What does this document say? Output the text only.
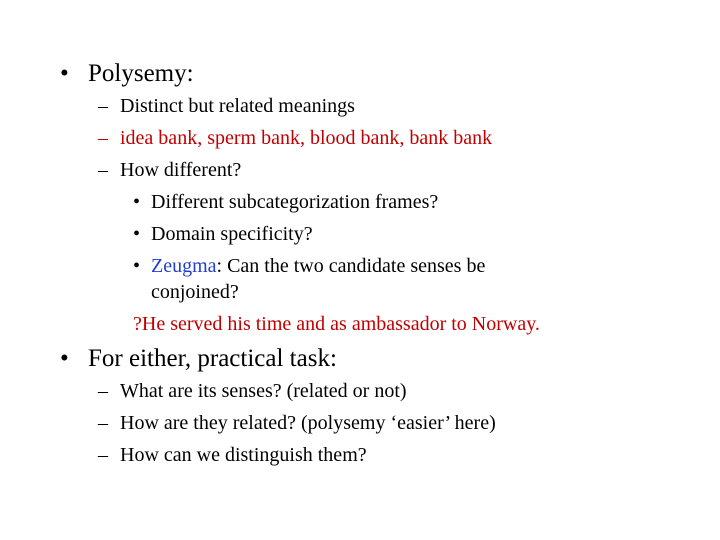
• Polysemy:
– Distinct but related meanings
– idea bank, sperm bank, blood bank, bank bank
– How different?
• Different subcategorization frames?
• Domain specificity?
• Zeugma: Can the two candidate senses be
conjoined?
?He served his time and as ambassador to Norway.
• For either, practical task:
– What are its senses? (related or not)
– How are they related? (polysemy ‘easier’ here)
– How can we distinguish them?
